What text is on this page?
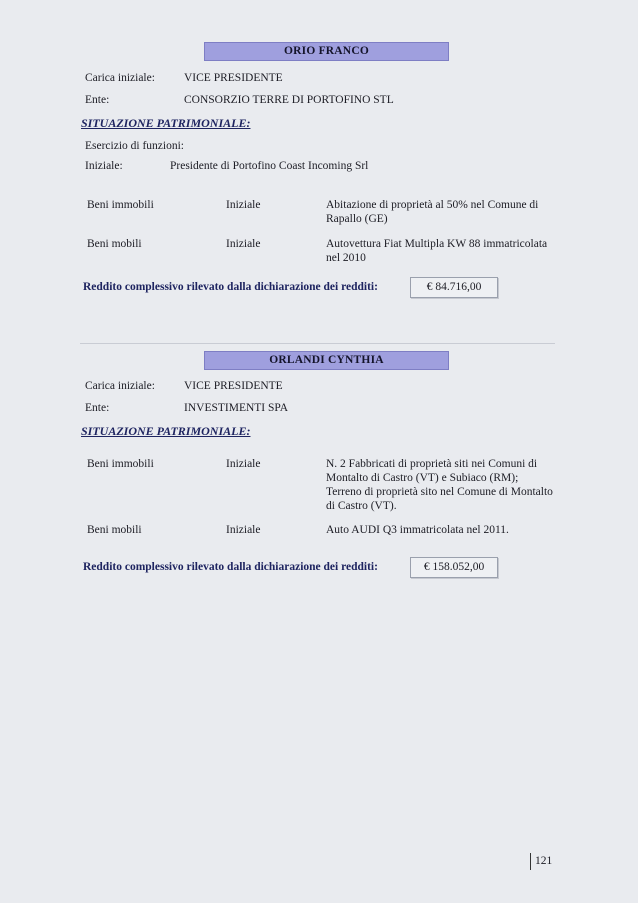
ORIO FRANCO
Carica iniziale:	VICE PRESIDENTE
Ente:	CONSORZIO TERRE DI PORTOFINO STL
SITUAZIONE PATRIMONIALE:
Esercizio di funzioni:
Iniziale:	Presidente di Portofino Coast Incoming Srl
Beni immobili	Iniziale	Abitazione di proprietà al 50% nel Comune di
Rapallo (GE)
Beni mobili	Iniziale	Autovettura Fiat Multipla KW 88 immatricolata
nel 2010
Reddito complessivo rilevato dalla dichiarazione dei redditi:	€ 84.716,00
ORLANDI CYNTHIA
Carica iniziale:	VICE PRESIDENTE
Ente:	INVESTIMENTI SPA
SITUAZIONE PATRIMONIALE:
Beni immobili	Iniziale	N. 2 Fabbricati di proprietà siti nei Comuni di
Montalto di Castro (VT) e Subiaco (RM);
Terreno di proprietà sito nel Comune di Montalto
di Castro (VT).
Beni mobili	Iniziale	Auto AUDI Q3 immatricolata nel 2011.
Reddito complessivo rilevato dalla dichiarazione dei redditi:	€ 158.052,00
121
